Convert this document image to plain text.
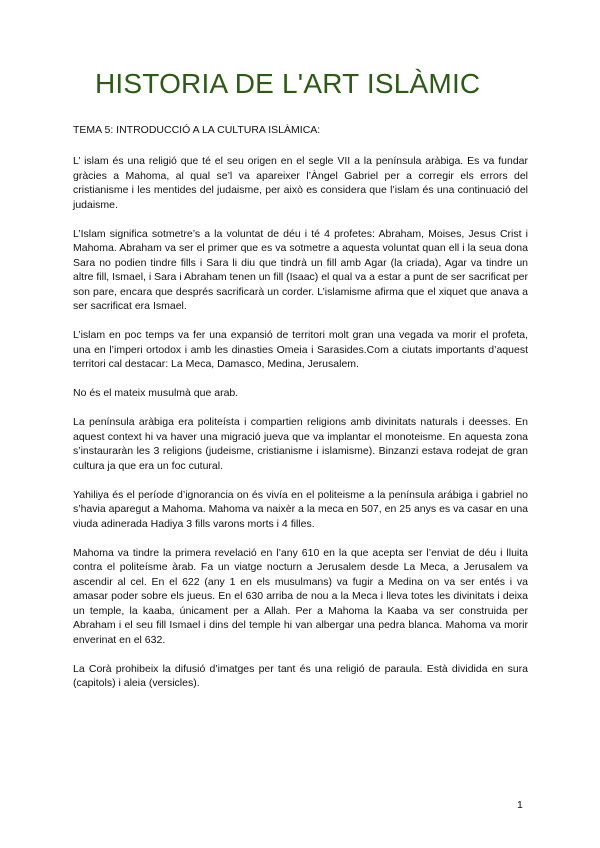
HISTORIA DE L'ART ISLÀMIC

TEMA 5: INTRODUCCIÓ A LA CULTURA ISLÀMICA:

L’ islam és una religió que té el seu origen en el segle VII a la península aràbiga. Es va fundar gràcies a Mahoma, al qual se’l va apareixer l’Àngel Gabriel per a corregir els errors del cristianisme i les mentides del judaisme, per això es considera que l’islam és una continuació del judaisme.

L’Islam significa sotmetre’s a la voluntat de déu i té 4 profetes: Abraham, Moises, Jesus Crist i Mahoma. Abraham va ser el primer que es va sotmetre a aquesta voluntat quan ell i la seua dona Sara no podien tindre fills i Sara li diu que tindrà un fill amb Agar (la criada), Agar va tindre un altre fill, Ismael, i Sara i Abraham tenen un fill (Isaac) el qual va a estar a punt de ser sacrificat per son pare, encara que després sacrificarà un corder. L’islamisme afirma que el xiquet que anava a ser sacrificat era Ismael.

L’islam en poc temps va fer una expansió de territori molt gran una vegada va morir el profeta, una en l’imperi ortodox i amb les dinasties Omeia i Sarasides.Com a ciutats importants d’aquest territori cal destacar: La Meca, Damasco, Medina, Jerusalem.

No és el mateix musulmà que arab.

La península aràbiga era politeísta i compartien religions amb divinitats naturals i deesses. En aquest context hi va haver una migració jueva que va implantar el monoteisme. En aquesta zona s’instauraràn les 3 religions (judeisme, cristianisme i islamisme). Binzanzi estava rodejat de gran cultura ja que era un foc cutural.

Yahiliya és el període d’ignorancia on és vivía en el politeisme a la península arábiga i gabriel no s’havia aparegut a Mahoma. Mahoma va naixèr a la meca en 507, en 25 anys es va casar en una viuda adinerada Hadiya 3 fills varons morts i 4 filles.

Mahoma va tindre la primera revelació en l’any 610 en la que acepta ser l’enviat de déu i lluita contra el politeísme àrab. Fa un viatge nocturn a Jerusalem desde La Meca, a Jerusalem va ascendir al cel. En el 622 (any 1 en els musulmans) va fugir a Medina on va ser entés i va amasar poder sobre els jueus. En el 630 arriba de nou a la Meca i lleva totes les divinitats i deixa un temple, la kaaba, únicament per a Allah. Per a Mahoma la Kaaba va ser construida per Abraham i el seu fill Ismael i dins del temple hi van albergar una pedra blanca. Mahoma va morir enverinat en el 632.

La Corà prohibeix la difusió d’imatges per tant és una religió de paraula. Està dividida en sura (capitols) i aleia (versicles).

1
